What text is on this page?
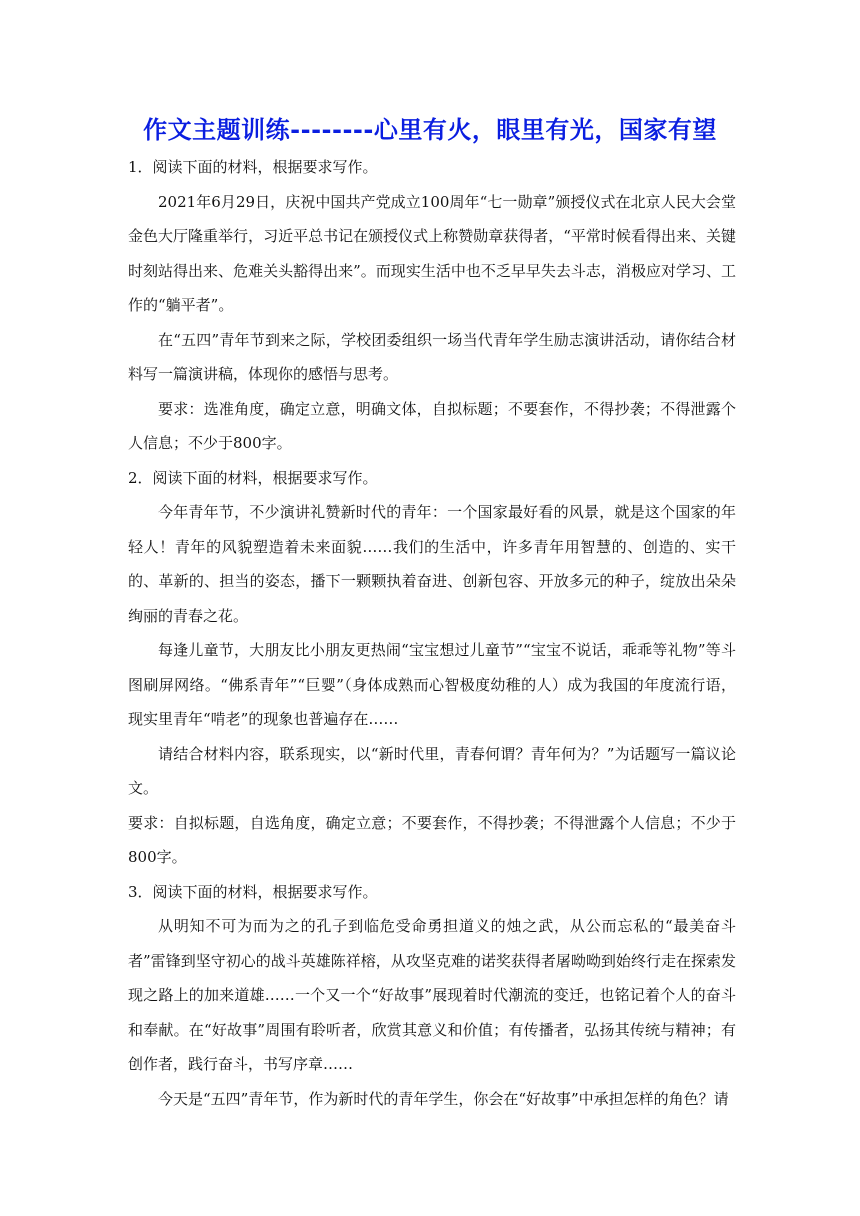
作文主题训练--------心里有火，眼里有光，国家有望

1．阅读下面的材料，根据要求写作。

2021年6月29日，庆祝中国共产党成立100周年“七一勋章”颁授仪式在北京人民大会堂金色大厅隆重举行，习近平总书记在颁授仪式上称赞勋章获得者，“平常时候看得出来、关键时刻站得出来、危难关头豁得出来”。而现实生活中也不乏早早失去斗志，消极应对学习、工作的“躺平者”。

在“五四”青年节到来之际，学校团委组织一场当代青年学生励志演讲活动，请你结合材料写一篇演讲稿，体现你的感悟与思考。

要求：选准角度，确定立意，明确文体，自拟标题；不要套作，不得抄袭；不得泄露个人信息；不少于800字。

2．阅读下面的材料，根据要求写作。

今年青年节，不少演讲礼赞新时代的青年：一个国家最好看的风景，就是这个国家的年轻人！青年的风貌塑造着未来面貌……我们的生活中，许多青年用智慧的、创造的、实干的、革新的、担当的姿态，播下一颗颗执着奋进、创新包容、开放多元的种子，绽放出朵朵绚丽的青春之花。

每逢儿童节，大朋友比小朋友更热闹“宝宝想过儿童节”“宝宝不说话，乖乖等礼物”等斗图刷屏网络。“佛系青年”“巨婴”（身体成熟而心智极度幼稚的人）成为我国的年度流行语，现实里青年“啃老”的现象也普遍存在……

请结合材料内容，联系现实，以“新时代里，青春何谓？青年何为？”为话题写一篇议论文。

要求：自拟标题，自选角度，确定立意；不要套作，不得抄袭；不得泄露个人信息；不少于800字。

3．阅读下面的材料，根据要求写作。

从明知不可为而为之的孔子到临危受命勇担道义的烛之武，从公而忘私的“最美奋斗者”雷锋到坚守初心的战斗英雄陈祥榕，从攻坚克难的诺奖获得者屠呦呦到始终行走在探索发现之路上的加来道雄……一个又一个“好故事”展现着时代潮流的变迁，也铭记着个人的奋斗和奉献。在“好故事”周围有聆听者，欣赏其意义和价值；有传播者，弘扬其传统与精神；有创作者，践行奋斗，书写序章……

今天是“五四”青年节，作为新时代的青年学生，你会在“好故事”中承担怎样的角色？请
